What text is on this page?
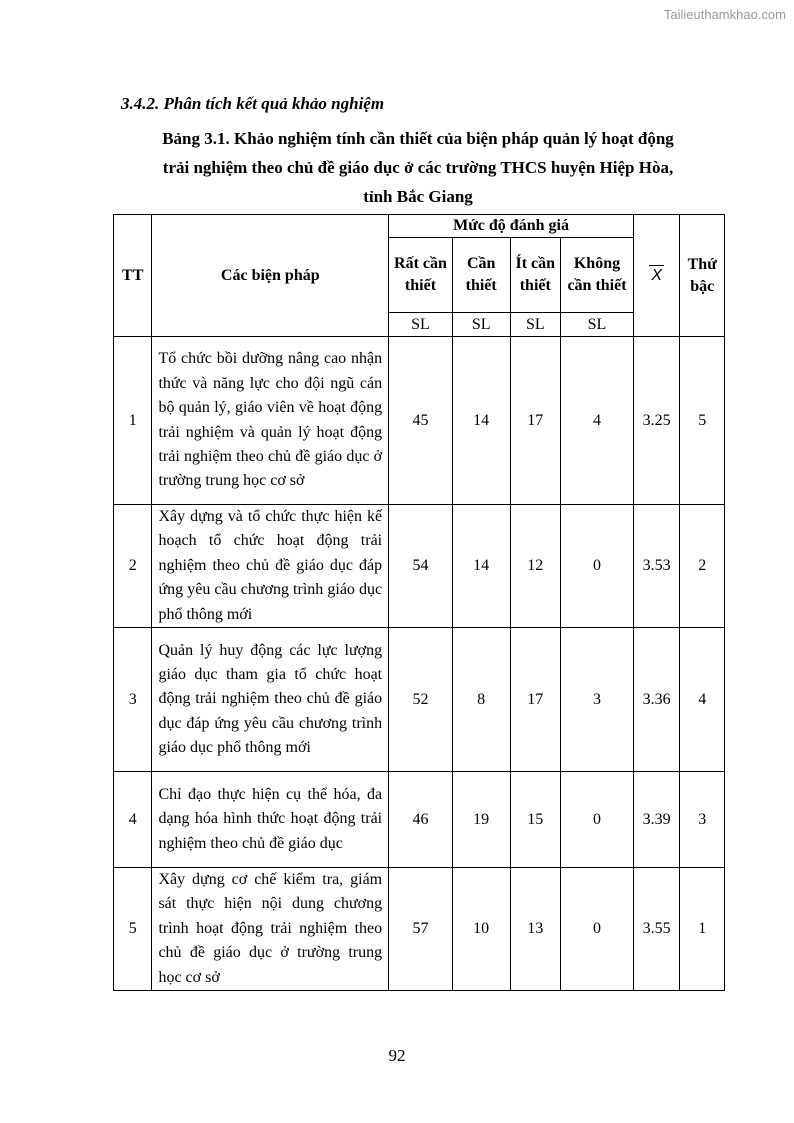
Tailieuthamkhao.com
3.4.2. Phân tích kết quả khảo nghiệm
Bảng 3.1. Khảo nghiệm tính cần thiết của biện pháp quản lý hoạt động
trải nghiệm theo chủ đề giáo dục ở các trường THCS huyện Hiệp Hòa,
tỉnh Bắc Giang
TT	Các biện pháp	Mức độ đánh giá				X	Thứ bậc
		Rất cần thiết	Cần thiết	Ít cần thiết	Không cần thiết		
		SL	SL	SL	SL		
1	Tổ chức bồi dưỡng nâng cao nhận thức và năng lực cho đội ngũ cán bộ quản lý, giáo viên về hoạt động trải nghiệm và quản lý hoạt động trải nghiệm theo chủ đề giáo dục ở trường trung học cơ sở	45	14	17	4	3.25	5
2	Xây dựng và tổ chức thực hiện kế hoạch tổ chức hoạt động trải nghiệm theo chủ đề giáo dục đáp ứng yêu cầu chương trình giáo dục phổ thông mới	54	14	12	0	3.53	2
3	Quản lý huy động các lực lượng giáo dục tham gia tổ chức hoạt động trải nghiệm theo chủ đề giáo dục đáp ứng yêu cầu chương trình giáo dục phổ thông mới	52	8	17	3	3.36	4
4	Chỉ đạo thực hiện cụ thể hóa, đa dạng hóa hình thức hoạt động trải nghiệm theo chủ đề giáo dục	46	19	15	0	3.39	3
5	Xây dựng cơ chế kiểm tra, giám sát thực hiện nội dung chương trình hoạt động trải nghiệm theo chủ đề giáo dục ở trường trung học cơ sở	57	10	13	0	3.55	1
92
